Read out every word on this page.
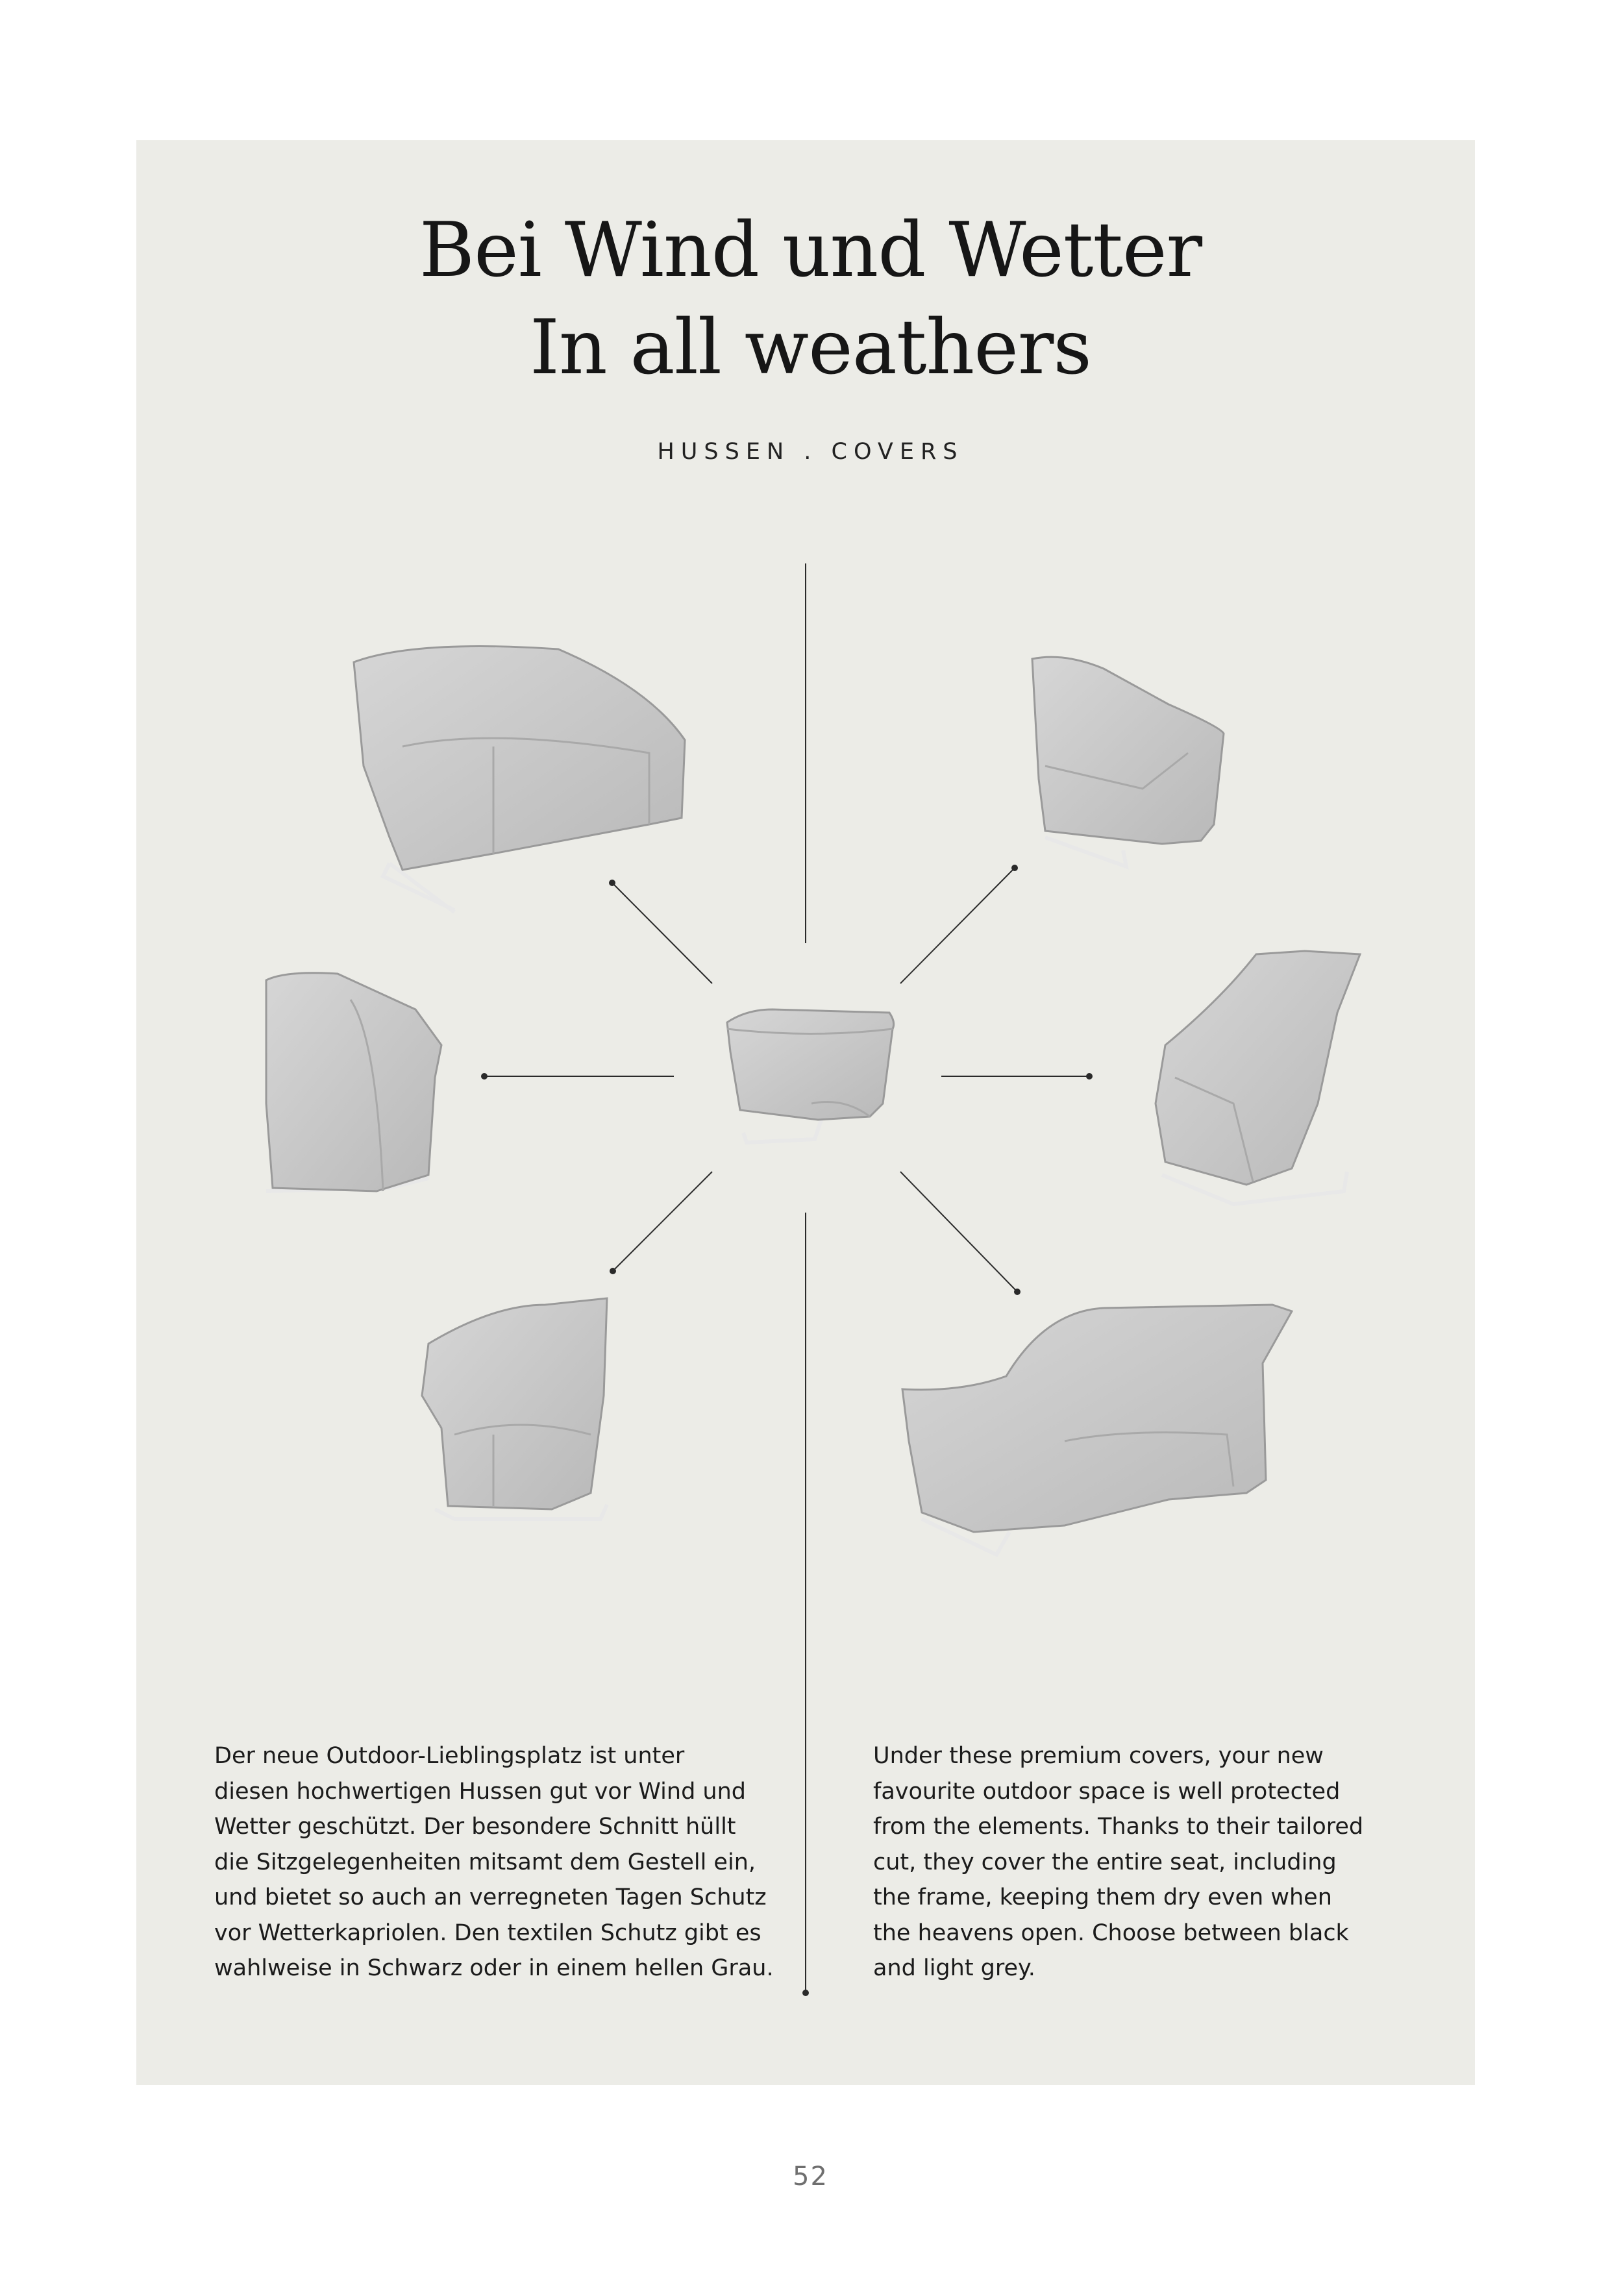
Bei Wind und Wetter
In all weathers

HUSSEN . COVERS

Der neue Outdoor-Lieblingsplatz ist unter
diesen hochwertigen Hussen gut vor Wind und
Wetter geschützt. Der besondere Schnitt hüllt
die Sitzgelegenheiten mitsamt dem Gestell ein,
und bietet so auch an verregneten Tagen Schutz
vor Wetterkapriolen. Den textilen Schutz gibt es
wahlweise in Schwarz oder in einem hellen Grau.

Under these premium covers, your new
favourite outdoor space is well protected
from the elements. Thanks to their tailored
cut, they cover the entire seat, including
the frame, keeping them dry even when
the heavens open. Choose between black
and light grey.

52
